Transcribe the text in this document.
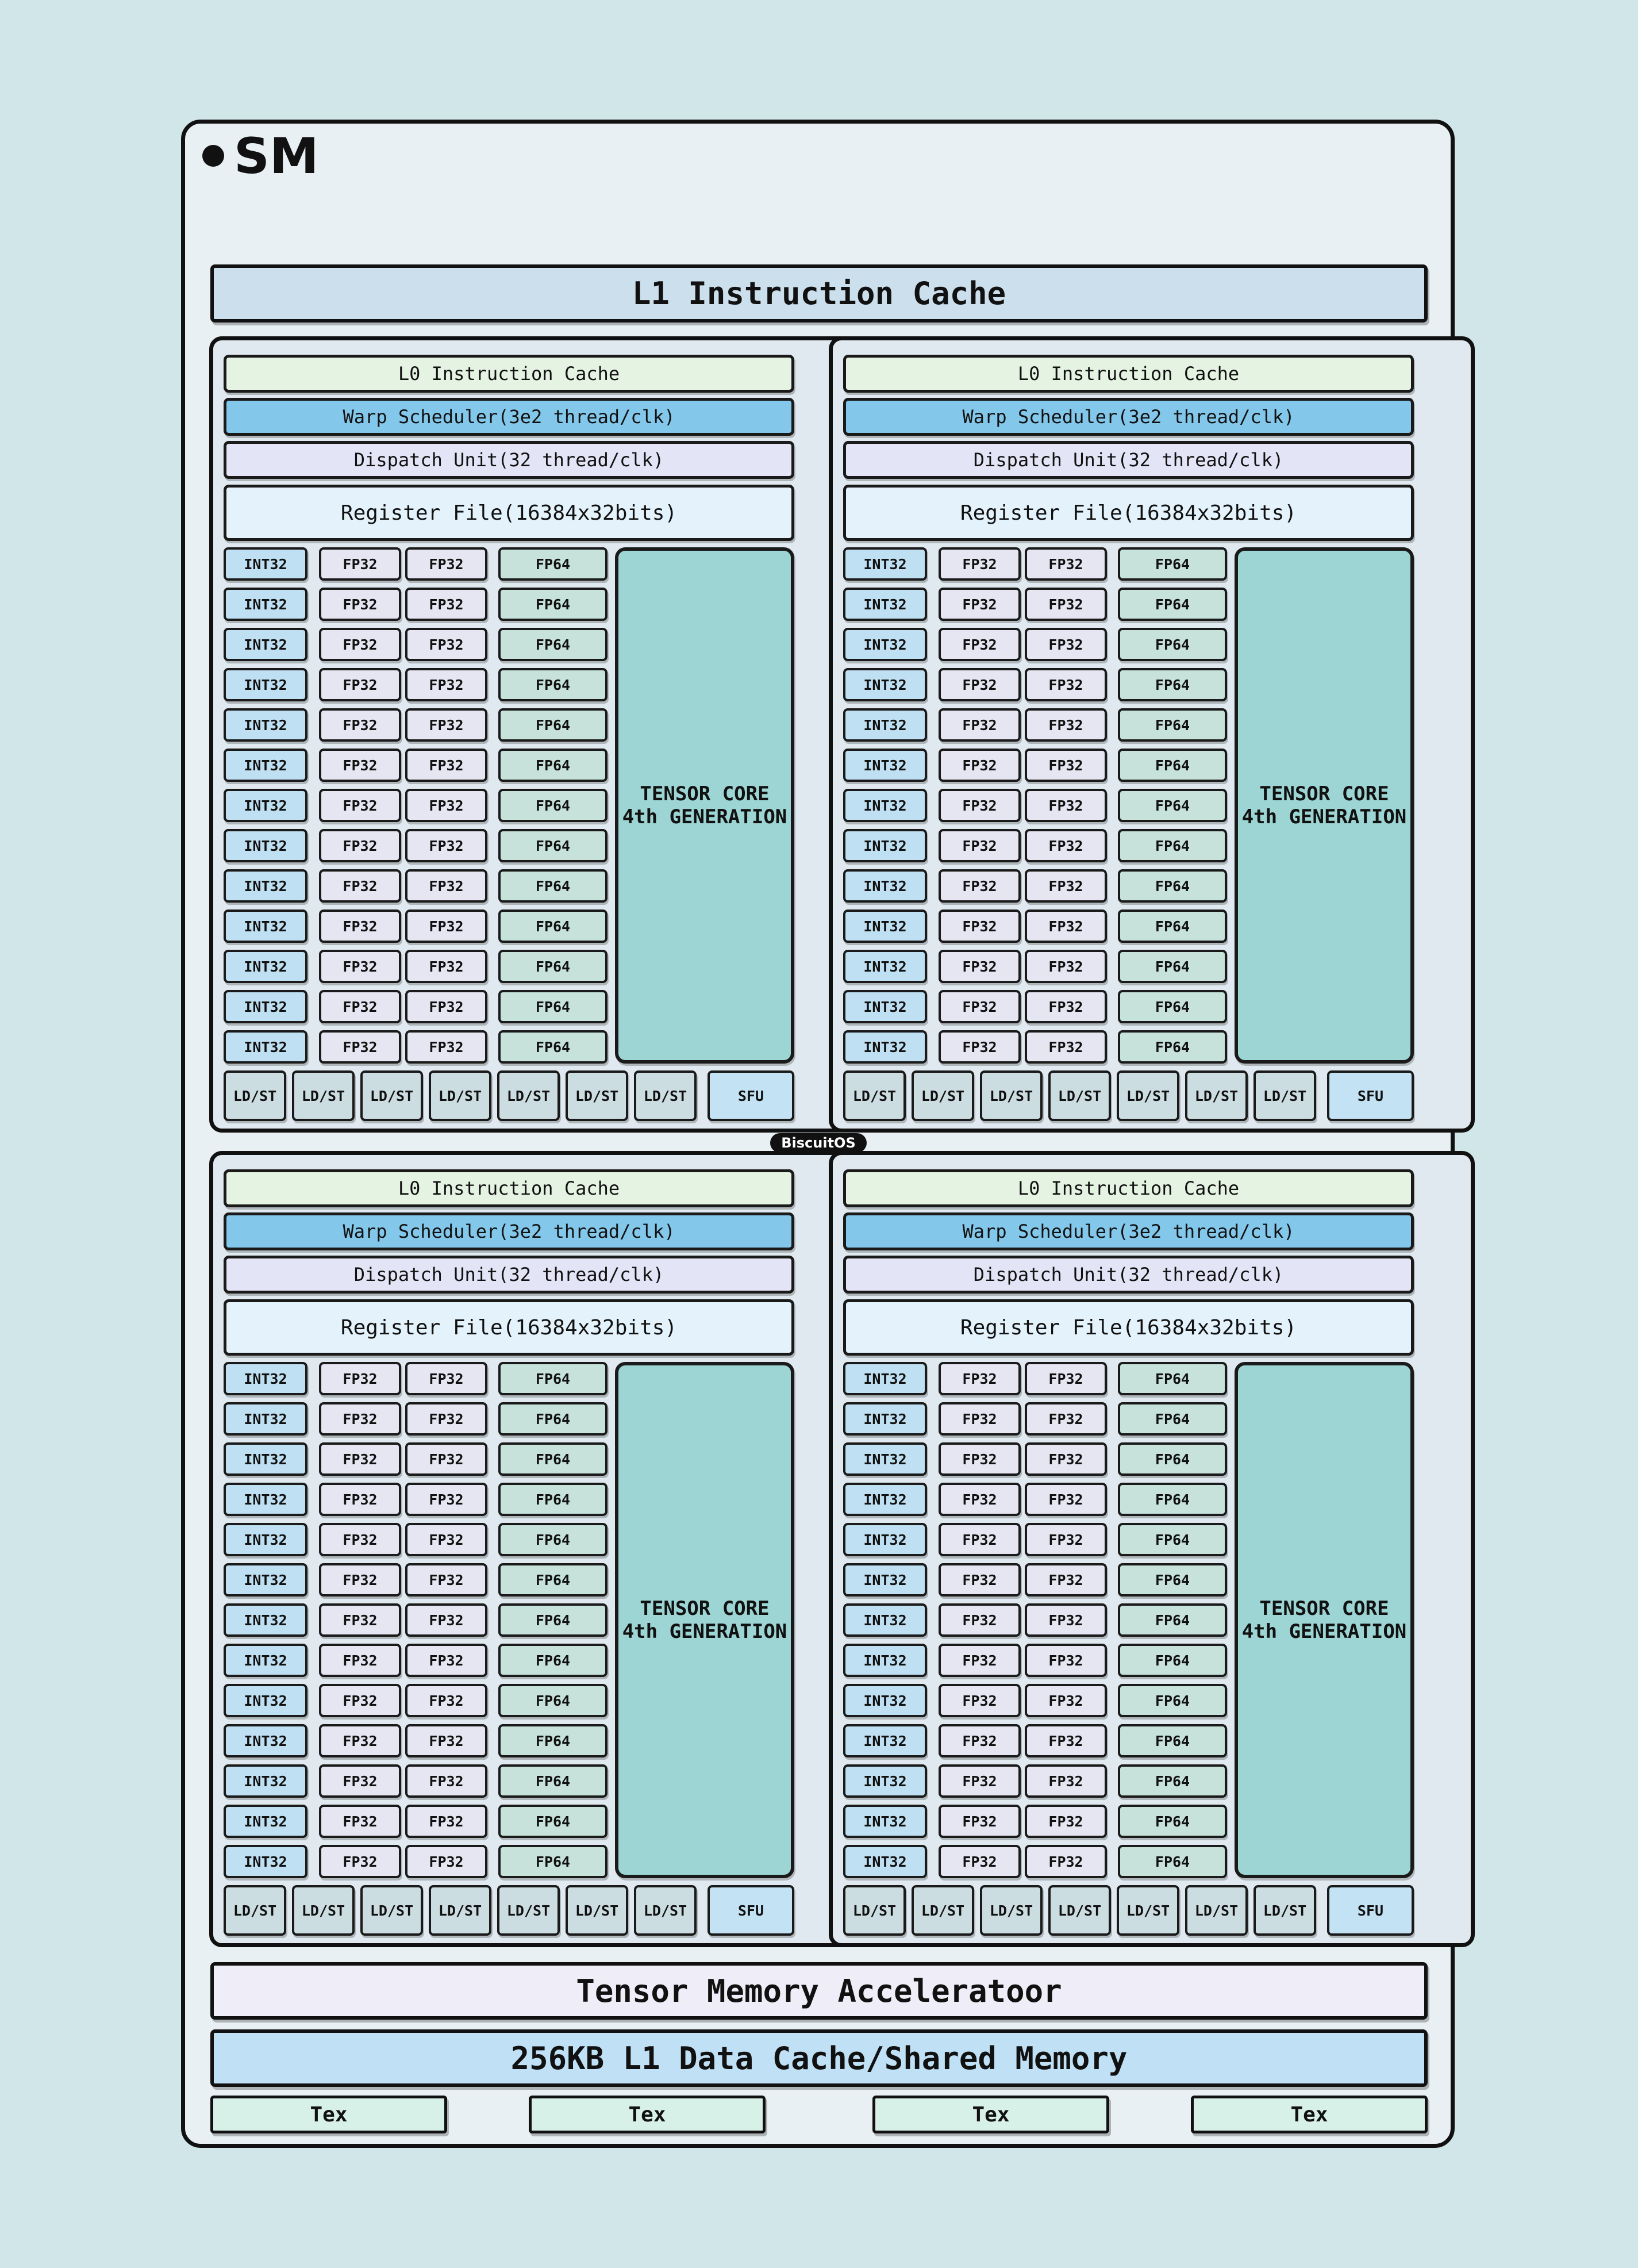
SM
L1 Instruction Cache
L0 Instruction Cache
Warp Scheduler(3e2 thread/clk)
Dispatch Unit(32 thread/clk)
Register File(16384x32bits)
INT32	FP32	FP32	FP64
INT32	FP32	FP32	FP64
INT32	FP32	FP32	FP64
INT32	FP32	FP32	FP64
INT32	FP32	FP32	FP64
INT32	FP32	FP32	FP64
INT32	FP32	FP32	FP64
INT32	FP32	FP32	FP64
INT32	FP32	FP32	FP64
INT32	FP32	FP32	FP64
INT32	FP32	FP32	FP64
INT32	FP32	FP32	FP64
INT32	FP32	FP32	FP64
TENSOR CORE
4th GENERATION
LD/ST	LD/ST	LD/ST	LD/ST	LD/ST	LD/ST	LD/ST	SFU
L0 Instruction Cache
Warp Scheduler(3e2 thread/clk)
Dispatch Unit(32 thread/clk)
Register File(16384x32bits)
INT32	FP32	FP32	FP64
INT32	FP32	FP32	FP64
INT32	FP32	FP32	FP64
INT32	FP32	FP32	FP64
INT32	FP32	FP32	FP64
INT32	FP32	FP32	FP64
INT32	FP32	FP32	FP64
INT32	FP32	FP32	FP64
INT32	FP32	FP32	FP64
INT32	FP32	FP32	FP64
INT32	FP32	FP32	FP64
INT32	FP32	FP32	FP64
INT32	FP32	FP32	FP64
TENSOR CORE
4th GENERATION
LD/ST	LD/ST	LD/ST	LD/ST	LD/ST	LD/ST	LD/ST	SFU
L0 Instruction Cache
Warp Scheduler(3e2 thread/clk)
Dispatch Unit(32 thread/clk)
Register File(16384x32bits)
INT32	FP32	FP32	FP64
INT32	FP32	FP32	FP64
INT32	FP32	FP32	FP64
INT32	FP32	FP32	FP64
INT32	FP32	FP32	FP64
INT32	FP32	FP32	FP64
INT32	FP32	FP32	FP64
INT32	FP32	FP32	FP64
INT32	FP32	FP32	FP64
INT32	FP32	FP32	FP64
INT32	FP32	FP32	FP64
INT32	FP32	FP32	FP64
INT32	FP32	FP32	FP64
TENSOR CORE
4th GENERATION
LD/ST	LD/ST	LD/ST	LD/ST	LD/ST	LD/ST	LD/ST	SFU
L0 Instruction Cache
Warp Scheduler(3e2 thread/clk)
Dispatch Unit(32 thread/clk)
Register File(16384x32bits)
INT32	FP32	FP32	FP64
INT32	FP32	FP32	FP64
INT32	FP32	FP32	FP64
INT32	FP32	FP32	FP64
INT32	FP32	FP32	FP64
INT32	FP32	FP32	FP64
INT32	FP32	FP32	FP64
INT32	FP32	FP32	FP64
INT32	FP32	FP32	FP64
INT32	FP32	FP32	FP64
INT32	FP32	FP32	FP64
INT32	FP32	FP32	FP64
INT32	FP32	FP32	FP64
TENSOR CORE
4th GENERATION
LD/ST	LD/ST	LD/ST	LD/ST	LD/ST	LD/ST	LD/ST	SFU
BiscuitOS
Tensor Memory Acceleratoor
256KB L1 Data Cache/Shared Memory
Tex	Tex	Tex	Tex
